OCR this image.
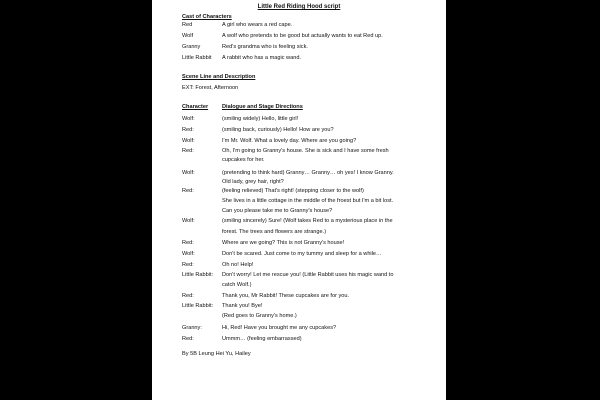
Little Red Riding Hood script
Cast of Characters
Red	A girl who wears a red cape.
Wolf	A wolf who pretends to be good but actually wants to eat Red up.
Granny	Red's grandma who is feeling sick.
Little Rabbit	A rabbit who has a magic wand.
Scene Line and Description
EXT: Forest, Afternoon
Character	Dialogue and Stage Directions
Wolf:	(smiling widely) Hello, little girl!
Red:	(smiling back, curiously) Hello! How are you?
Wolf:	I'm Mr. Wolf. What a lovely day. Where are you going?
Red:	Oh, I'm going to Granny's house. She is sick and I have some fresh
cupcakes for her.
Wolf:	(pretending to think hard) Granny… Granny… oh yes! I know Granny.
Old lady, grey hair, right?
Red:	(feeling relieved) That's right! (stepping closer to the wolf)
She lives in a little cottage in the middle of the froest but I'm a bit lost.
Can you please take me to Granny's house?
Wolf:	(smiling sincerely) Sure! (Wolf takes Red to a mysterious place in the
forest. The trees and flowers are strange.)
Red:	Where are we going? This is not Granny's house!
Wolf:	Don't be scared. Just come to my tummy and sleep for a while…
Red:	Oh no! Help!
Little Rabbit:	Don't worry! Let me rescue you! (Little Rabbit uses his magic wand to
catch Wolf.)
Red:	Thank you, Mr Rabbit! These cupcakes are for you.
Little Rabbit:	Thank you! Bye!
(Red goes to Granny's home.)
Granny:	Hi, Red! Have you brought me any cupcakes?
Red:	Ummm… (feeling embarrassed)
By 5B Leung Hei Yu, Hailey
